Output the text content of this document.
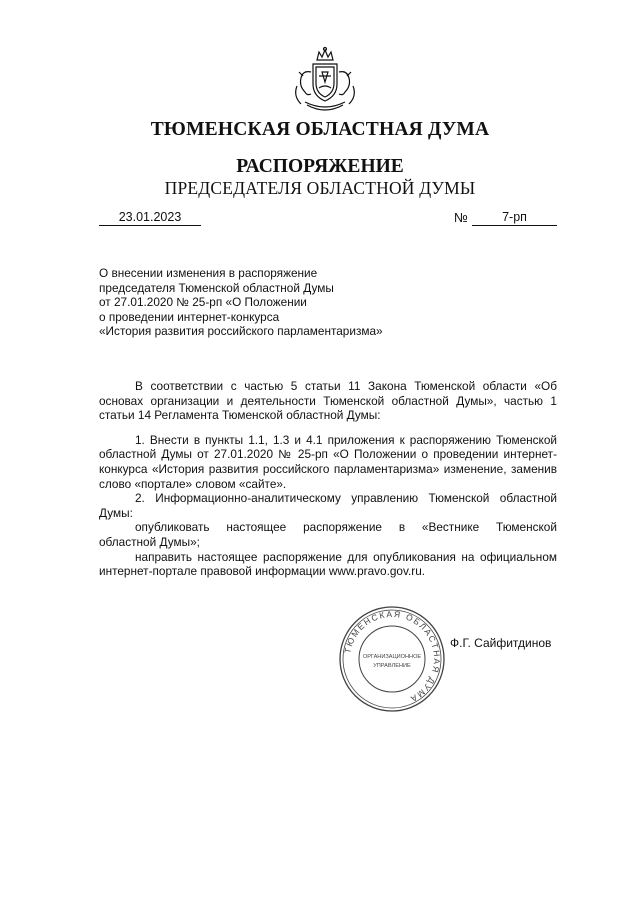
ТЮМЕНСКАЯ ОБЛАСТНАЯ ДУМА
РАСПОРЯЖЕНИЕ
ПРЕДСЕДАТЕЛЯ ОБЛАСТНОЙ ДУМЫ
23.01.2023	№	7-рп
О внесении изменения в распоряжение
председателя Тюменской областной Думы
от 27.01.2020 № 25-рп «О Положении
о проведении интернет-конкурса
«История развития российского парламентаризма»
В соответствии с частью 5 статьи 11 Закона Тюменской области «Об основах организации и деятельности Тюменской областной Думы», частью 1 статьи 14 Регламента Тюменской областной Думы:
1. Внести в пункты 1.1, 1.3 и 4.1 приложения к распоряжению Тюменской областной Думы от 27.01.2020 № 25-рп «О Положении о проведении интернет-конкурса «История развития российского парламентаризма» изменение, заменив слово «портале» словом «сайте».
2. Информационно-аналитическому управлению Тюменской областной Думы:
опубликовать настоящее распоряжение в «Вестнике Тюменской
областной Думы»;
направить настоящее распоряжение для опубликования на официальном интернет-портале правовой информации www.pravo.gov.ru.
ТЮМЕНСКАЯ ОБЛАСТНАЯ ДУМА
ОРГАНИЗАЦИОННОЕ
УПРАВЛЕНИЕ
Ф.Г. Сайфитдинов
